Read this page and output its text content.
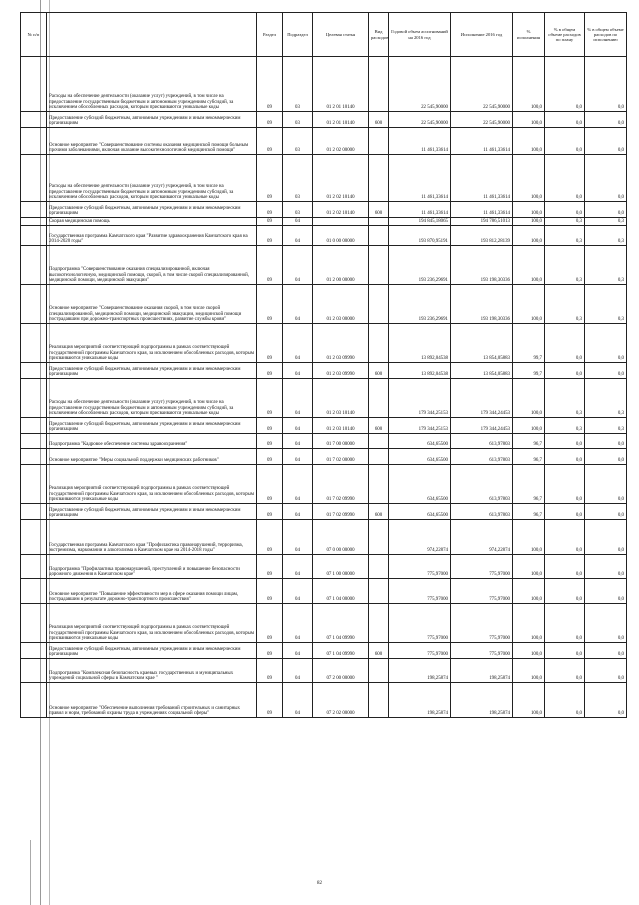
№ п/п		Раздел	Подраздел	Целевая статья	Вид расходов	Годовой объем ассигнований на 2016 год	Исполнение 2016 год	% исполнения	% в общем объеме расходов по плану	% в общем объеме расходов по исполнению
	Расходы на обеспечение деятельности (оказание услуг) учреждений, в том числе на предоставление государственным бюджетным и автономным учреждениям субсидий, за исключением обособленных расходов, которым присваиваются уникальные коды	09	03	01 2 01 10140		22 545,90000	22 545,90000	100,0	0,0	0,0
	Предоставление субсидий бюджетным, автономным учреждениям и иным некоммерческим организациям	09	03	01 2 01 10140	600	22 545,90000	22 545,90000	100,0	0,0	0,0
	Основное мероприятие "Совершенствование системы оказания медицинской помощи больным прочими заболеваниями, включая оказание высокотехнологичной медицинской помощи"	09	03	01 2 02 00000		11 461,33614	11 461,33614	100,0	0,0	0,0
	Расходы на обеспечение деятельности (оказание услуг) учреждений, в том числе на предоставление государственным бюджетным и автономным учреждениям субсидий, за исключением обособленных расходов, которым присваиваются уникальные коды	09	03	01 2 02 10140		11 461,33614	11 461,33614	100,0	0,0	0,0
	Предоставление субсидий бюджетным, автономным учреждениям и иным некоммерческим организациям	09	03	01 2 02 10140	600	11 461,33614	11 461,33614	100,0	0,0	0,0
	Скорая медицинская помощь	09	04			194 845,18065	194 786,51013	100,0	0,3	0,3
	Государственная программа Камчатского края "Развитие здравоохранения Камчатского края на 2014-2020 годы"	09	04	01 0 00 00000		193 870,95191	193 812,28139	100,0	0,3	0,3
	Подпрограмма "Совершенствование оказания специализированной, включая высокотехнологичную, медицинской помощи, скорой, в том числе скорой специализированной, медицинской помощи, медицинской эвакуации"	09	04	01 2 00 00000		193 236,29691	193 198,30336	100,0	0,3	0,3
	Основное мероприятие "Совершенствование оказания скорой, в том числе скорой специализированной, медицинской помощи, медицинской эвакуации, медицинской помощи пострадавшим при дорожно-транспортных происшествиях, развитие службы крови"	09	04	01 2 03 00000		193 236,29691	193 198,30336	100,0	0,3	0,3
	Реализация мероприятий соответствующей подпрограммы в рамках соответствующей государственной программы Камчатского края, за исключением обособленных расходов, которым присваиваются уникальные коды	09	04	01 2 03 09990		13 892,04538	13 854,05883	99,7	0,0	0,0
	Предоставление субсидий бюджетным, автономным учреждениям и иным некоммерческим организациям	09	04	01 2 03 09990	600	13 892,04538	13 854,05883	99,7	0,0	0,0
	Расходы на обеспечение деятельности (оказание услуг) учреждений, в том числе на предоставление государственным бюджетным и автономным учреждениям субсидий, за исключением обособленных расходов, которым присваиваются уникальные коды	09	04	01 2 03 10140		179 344,25153	179 344,24453	100,0	0,3	0,3
	Предоставление субсидий бюджетным, автономным учреждениям и иным некоммерческим организациям	09	04	01 2 03 10140	600	179 344,25153	179 344,24453	100,0	0,3	0,3
	Подпрограмма "Кадровое обеспечение системы здравоохранения"	09	04	01 7 00 00000		634,65500	613,97803	96,7	0,0	0,0
	Основное мероприятие "Меры социальной поддержки медицинских работников"	09	04	01 7 02 00000		634,65500	613,97803	96,7	0,0	0,0
	Реализация мероприятий соответствующей подпрограммы в рамках соответствующей государственной программы Камчатского края, за исключением обособленных расходов, которым присваиваются уникальные коды	09	04	01 7 02 09990		634,65500	613,97803	96,7	0,0	0,0
	Предоставление субсидий бюджетным, автономным учреждениям и иным некоммерческим организациям	09	04	01 7 02 09990	600	634,65500	613,97803	96,7	0,0	0,0
	Государственная программа Камчатского края "Профилактика правонарушений, терроризма, экстремизма, наркомании и алкоголизма в Камчатском крае на 2014-2018 годы"	09	04	07 0 00 00000		974,22874	974,22874	100,0	0,0	0,0
	Подпрограмма "Профилактика правонарушений, преступлений и повышение безопасности дорожного движения в Камчатском крае"	09	04	07 1 00 00000		775,97000	775,97000	100,0	0,0	0,0
	Основное мероприятие "Повышение эффективности мер в сфере оказания помощи лицам, пострадавшим в результате дорожно-транспортного происшествия"	09	04	07 1 04 00000		775,97000	775,97000	100,0	0,0	0,0
	Реализация мероприятий соответствующей подпрограммы в рамках соответствующей государственной программы Камчатского края, за исключением обособленных расходов, которым присваиваются уникальные коды	09	04	07 1 04 09990		775,97000	775,97000	100,0	0,0	0,0
	Предоставление субсидий бюджетным, автономным учреждениям и иным некоммерческим организациям	09	04	07 1 04 09990	600	775,97000	775,97000	100,0	0,0	0,0
	Подпрограмма "Комплексная безопасность краевых государственных и муниципальных учреждений социальной сферы в Камчатском крае "	09	04	07 2 00 00000		198,25874	198,25874	100,0	0,0	0,0
	Основное мероприятие "Обеспечение выполнения требований строительных и санитарных правил и норм, требований охраны труда в учреждениях социальной сферы"	09	04	07 2 02 00000		198,25874	198,25874	100,0	0,0	0,0
82
